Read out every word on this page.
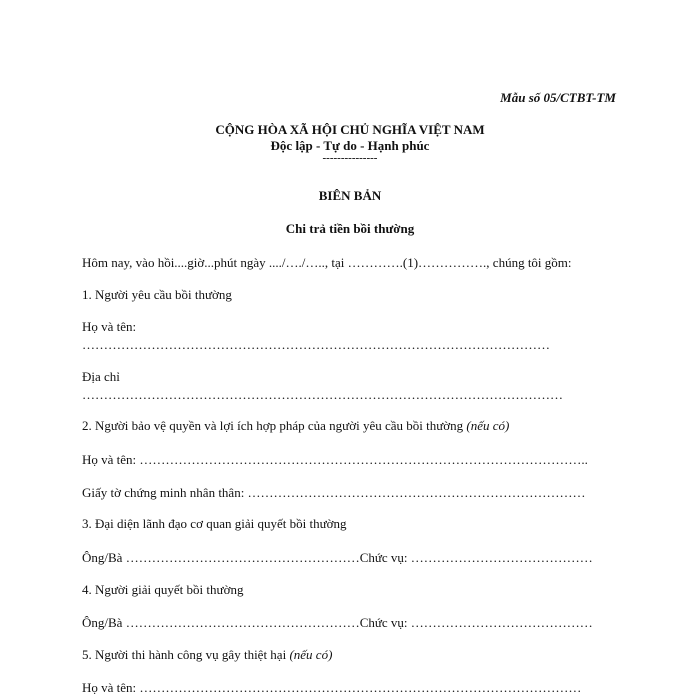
Mẫu số 05/CTBT-TM
CỘNG HÒA XÃ HỘI CHỦ NGHĨA VIỆT NAM
Độc lập - Tự do - Hạnh phúc
---------------
BIÊN BẢN
Chi trả tiền bồi thường
Hôm nay, vào hồi....giờ...phút ngày ..../…./….., tại ………….(1)……………., chúng tôi gồm:
1. Người yêu cầu bồi thường
Họ và tên:
………………………………………………………………………………………………
Địa chỉ
…………………………………………………………………………………………………
2. Người bảo vệ quyền và lợi ích hợp pháp của người yêu cầu bồi thường (nếu có)
Họ và tên: …………………………………………………………………………………………..
Giấy tờ chứng minh nhân thân: ……………………………………………………………………
3. Đại diện lãnh đạo cơ quan giải quyết bồi thường
Ông/Bà ………………………………………………Chức vụ: ……………………………………
4. Người giải quyết bồi thường
Ông/Bà ………………………………………………Chức vụ: ……………………………………
5. Người thi hành công vụ gây thiệt hại (nếu có)
Họ và tên: …………………………………………………………………………………………
